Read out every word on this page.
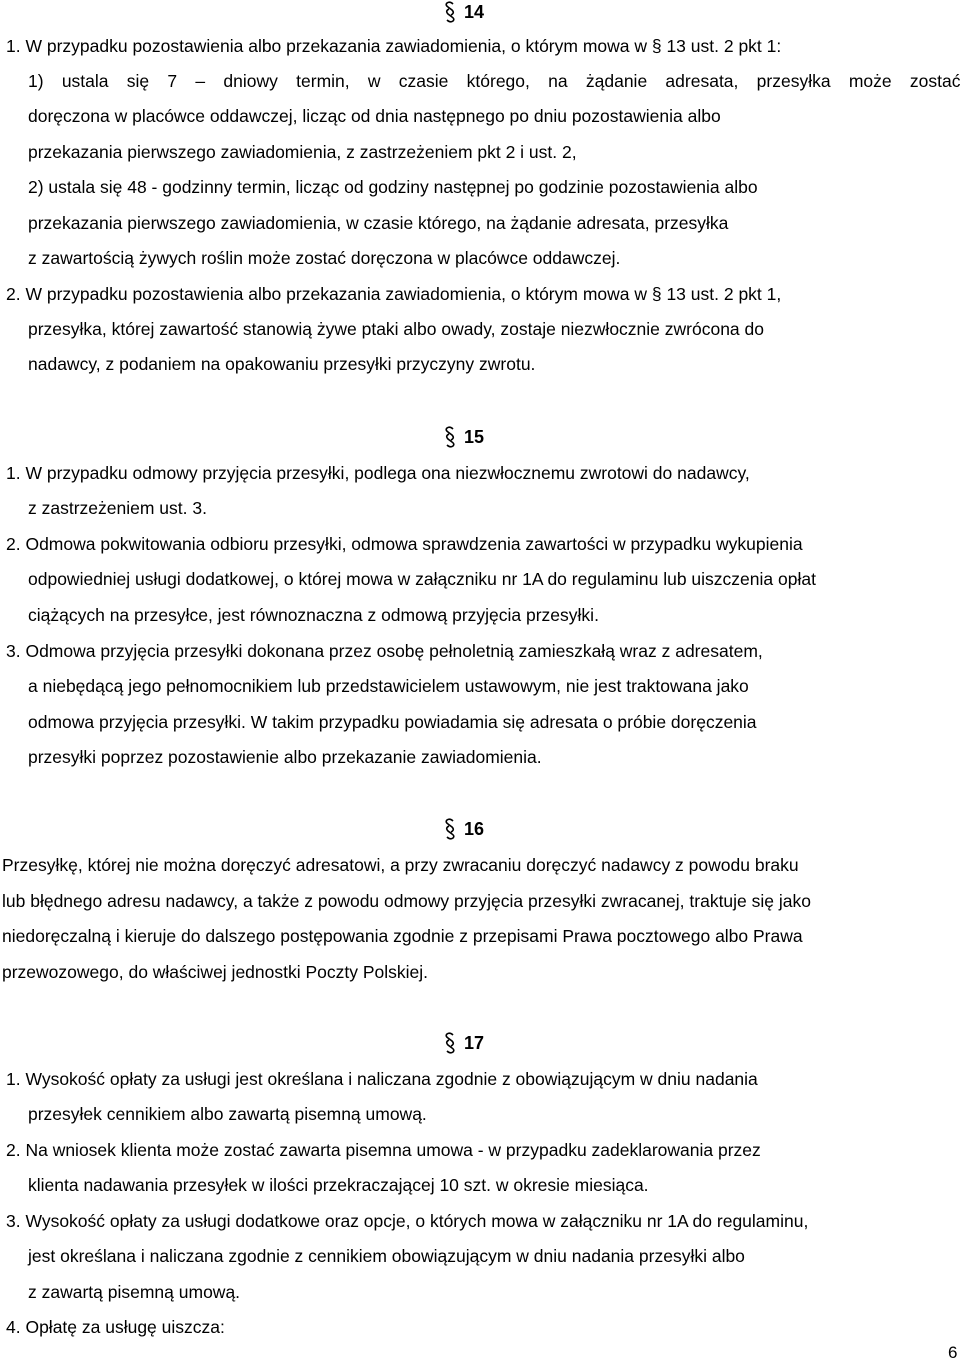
14
1. W przypadku pozostawienia albo przekazania zawiadomienia, o którym mowa w § 13 ust. 2 pkt 1:
1) ustala się 7 – dniowy termin, w czasie którego, na żądanie adresata, przesyłka może zostać
doręczona w placówce oddawczej, licząc od dnia następnego po dniu pozostawienia albo
przekazania pierwszego zawiadomienia, z zastrzeżeniem pkt 2 i ust. 2,
2) ustala się 48 - godzinny termin, licząc od godziny następnej po godzinie pozostawienia albo
przekazania pierwszego zawiadomienia, w czasie którego, na żądanie adresata, przesyłka
z zawartością żywych roślin może zostać doręczona w placówce oddawczej.
2. W przypadku pozostawienia albo przekazania zawiadomienia, o którym mowa w § 13 ust. 2 pkt 1,
przesyłka, której zawartość stanowią żywe ptaki albo owady, zostaje niezwłocznie zwrócona do
nadawcy, z podaniem na opakowaniu przesyłki przyczyny zwrotu.
15
1. W przypadku odmowy przyjęcia przesyłki, podlega ona niezwłocznemu zwrotowi do nadawcy,
z zastrzeżeniem ust. 3.
2. Odmowa pokwitowania odbioru przesyłki, odmowa sprawdzenia zawartości w przypadku wykupienia
odpowiedniej usługi dodatkowej, o której mowa w załączniku nr 1A do regulaminu lub uiszczenia opłat
ciążących na przesyłce, jest równoznaczna z odmową przyjęcia przesyłki.
3. Odmowa przyjęcia przesyłki dokonana przez osobę pełnoletnią zamieszkałą wraz z adresatem,
a niebędącą jego pełnomocnikiem lub przedstawicielem ustawowym, nie jest traktowana jako
odmowa przyjęcia przesyłki. W takim przypadku powiadamia się adresata o próbie doręczenia
przesyłki poprzez pozostawienie albo przekazanie zawiadomienia.
16
Przesyłkę, której nie można doręczyć adresatowi, a przy zwracaniu doręczyć nadawcy z powodu braku
lub błędnego adresu nadawcy, a także z powodu odmowy przyjęcia przesyłki zwracanej, traktuje się jako
niedoręczalną i kieruje do dalszego postępowania zgodnie z przepisami Prawa pocztowego albo Prawa
przewozowego, do właściwej jednostki Poczty Polskiej.
17
1. Wysokość opłaty za usługi jest określana i naliczana zgodnie z obowiązującym w dniu nadania
przesyłek cennikiem albo zawartą pisemną umową.
2. Na wniosek klienta może zostać zawarta pisemna umowa - w przypadku zadeklarowania przez
klienta nadawania przesyłek w ilości przekraczającej 10 szt. w okresie miesiąca.
3. Wysokość opłaty za usługi dodatkowe oraz opcje, o których mowa w załączniku nr 1A do regulaminu,
jest określana i naliczana zgodnie z cennikiem obowiązującym w dniu nadania przesyłki albo
z zawartą pisemną umową.
4. Opłatę za usługę uiszcza:
6
